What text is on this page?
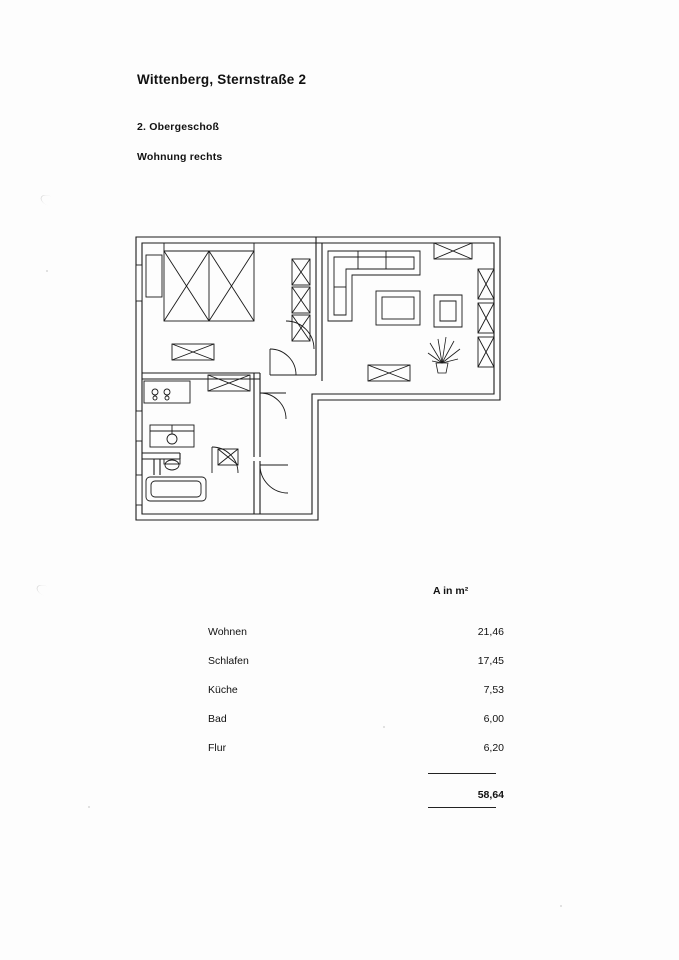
Wittenberg, Sternstraße 2
2. Obergeschoß
Wohnung rechts
A in m²
Wohnen	21,46
Schlafen	17,45
Küche	7,53
Bad	6,00
Flur	6,20
58,64
